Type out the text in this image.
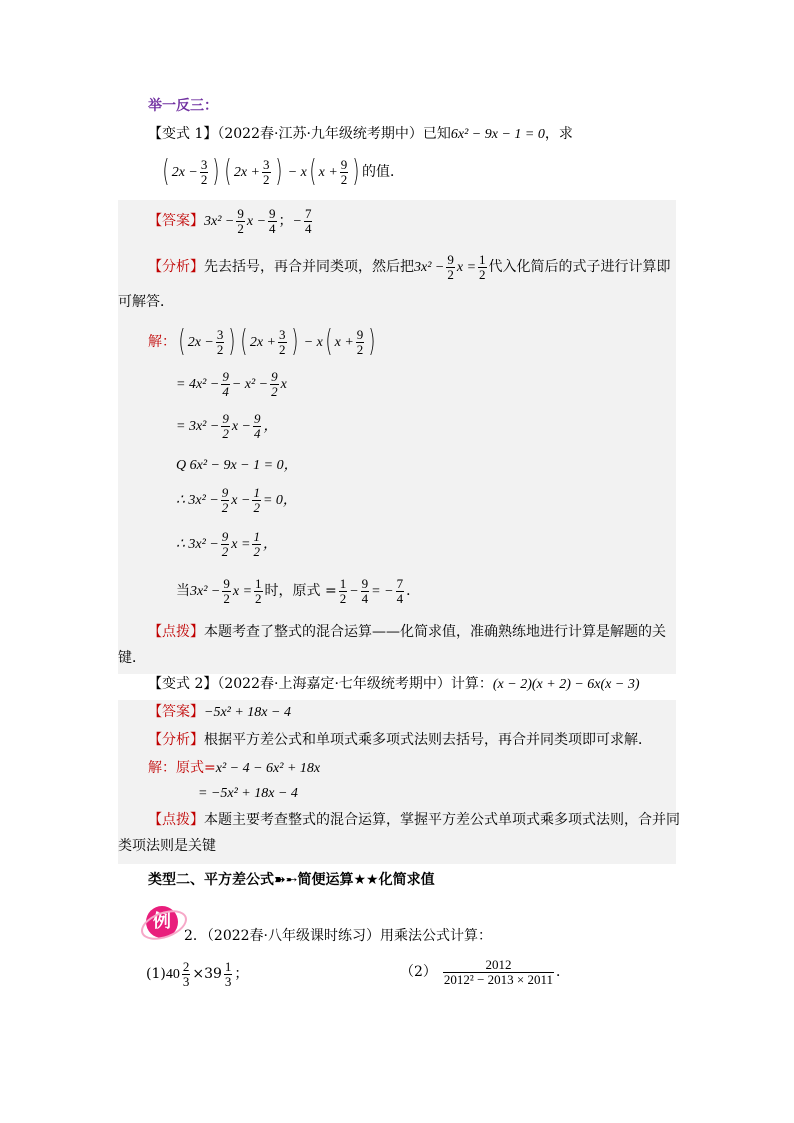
举一反三：
【变式 1】（2022春·江苏·九年级统考期中）已知6x² − 9x − 1 = 0，求
( $2x - \frac{3}{2}$ ) ( $2x + \frac{3}{2}$ ) − x( $x + \frac{9}{2}$ ) 的值．
【答案】$3x^2 - \frac{9}{2}$ $x - \frac{9}{4}$ ；− $\frac{7}{4}$
【分析】先去括号，再合并同类项，然后把$3x^2 - \frac{9}{2}$ $x = \frac{1}{2}$ 代入化简后的式子进行计算即
可解答．
解：( $2x - \frac{3}{2}$ ) ( $2x + \frac{3}{2}$ ) − x( $x + \frac{9}{2}$ )
= $4x^2 - \frac{9}{4} - x^2 - \frac{9}{2}$ x
= $3x^2 - \frac{9}{2}$ $x - \frac{9}{4}$ ，
Q 6x² − 9x − 1 = 0，
∴ $3x^2 - \frac{9}{2}$ $x - \frac{1}{2} = 0$，
∴ $3x^2 - \frac{9}{2}$ $x = \frac{1}{2}$ ，
当$3x^2 - \frac{9}{2}$ $x = \frac{1}{2}$ 时，原式 = $\frac{1}{2} - \frac{9}{4}$ = − $\frac{7}{4}$ ．
【点拨】本题考查了整式的混合运算——化简求值，准确熟练地进行计算是解题的关
键．
【变式 2】（2022春·上海嘉定·七年级统考期中）计算：(x − 2)(x + 2) − 6x(x − 3)
【答案】−5x² + 18x − 4
【分析】根据平方差公式和单项式乘多项式法则去括号，再合并同类项即可求解．
解：原式=x² − 4 − 6x² + 18x
= −5x² + 18x − 4
【点拨】本题主要考查整式的混合运算，掌握平方差公式单项式乘多项式法则，合并同
类项法则是关键
类型二、平方差公式➽➸简便运算★★化简求值
例
2．（2022春·八年级课时练习）用乘法公式计算：
$(1)40 \frac{2}{3} \times 39 \frac{1}{3}$ ；	$(2) \frac{2012}{\text{2012² − 2013 × 2011}}$ ．
